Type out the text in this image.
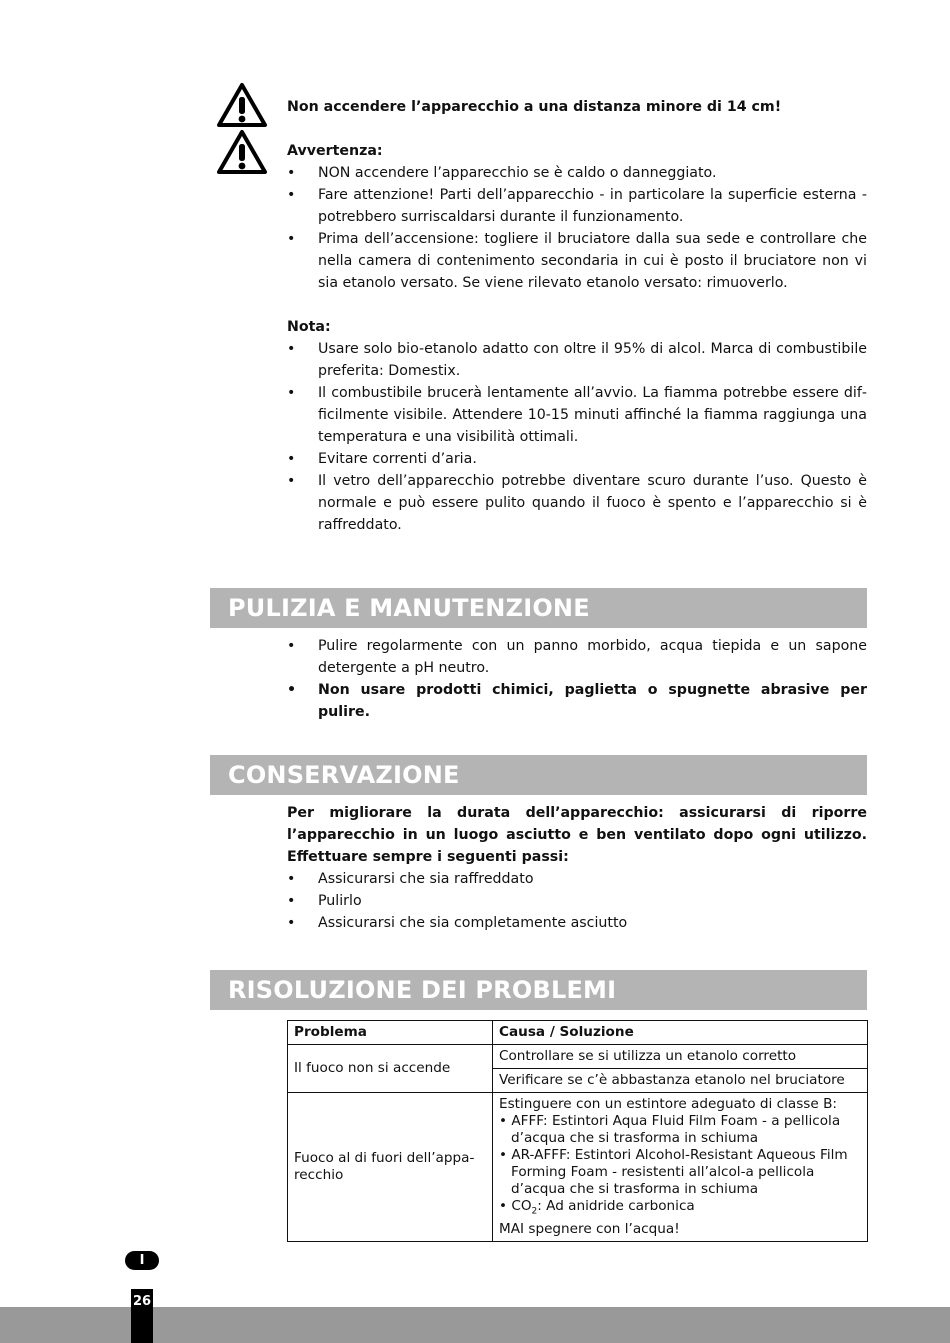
Non accendere l’apparecchio a una distanza minore di 14 cm!
Avvertenza:
• NON accendere l’apparecchio se è caldo o danneggiato.
• Fare attenzione! Parti dell’apparecchio - in particolare la superficie esterna - potrebbero surriscaldarsi durante il funzionamento.
• Prima dell’accensione: togliere il bruciatore dalla sua sede e controllare che nella camera di contenimento secondaria in cui è posto il bruciatore non vi sia etanolo versato. Se viene rilevato etanolo versato: rimuoverlo.
Nota:
• Usare solo bio-etanolo adatto con oltre il 95% di alcol. Marca di combustibile preferita: Domestix.
• Il combustibile brucerà lentamente all’avvio. La fiamma potrebbe essere difficilmente visibile. Attendere 10-15 minuti affinché la fiamma raggiunga una temperatura e una visibilità ottimali.
• Evitare correnti d’aria.
• Il vetro dell’apparecchio potrebbe diventare scuro durante l’uso. Questo è normale e può essere pulito quando il fuoco è spento e l’apparecchio si è raffreddato.
PULIZIA E MANUTENZIONE
• Pulire regolarmente con un panno morbido, acqua tiepida e un sapone detergente a pH neutro.
• Non usare prodotti chimici, paglietta o spugnette abrasive per pulire.
CONSERVAZIONE
Per migliorare la durata dell’apparecchio: assicurarsi di riporre l’apparecchio in un luogo asciutto e ben ventilato dopo ogni utilizzo. Effettuare sempre i seguenti passi:
• Assicurarsi che sia raffreddato
• Pulirlo
• Assicurarsi che sia completamente asciutto
RISOLUZIONE DEI PROBLEMI
Problema	Causa / Soluzione
Il fuoco non si accende	Controllare se si utilizza un etanolo corretto
	Verificare se c’è abbastanza etanolo nel bruciatore
Fuoco al di fuori dell’apparecchio	Estinguere con un estintore adeguato di classe B:
• AFFF: Estintori Aqua Fluid Film Foam - a pellicola d’acqua che si trasforma in schiuma
• AR-AFFF: Estintori Alcohol-Resistant Aqueous Film Forming Foam - resistenti all’alcol-a pellicola d’acqua che si trasforma in schiuma
• $CO_2$: Ad anidride carbonica
MAI spegnere con l’acqua!
I
26
